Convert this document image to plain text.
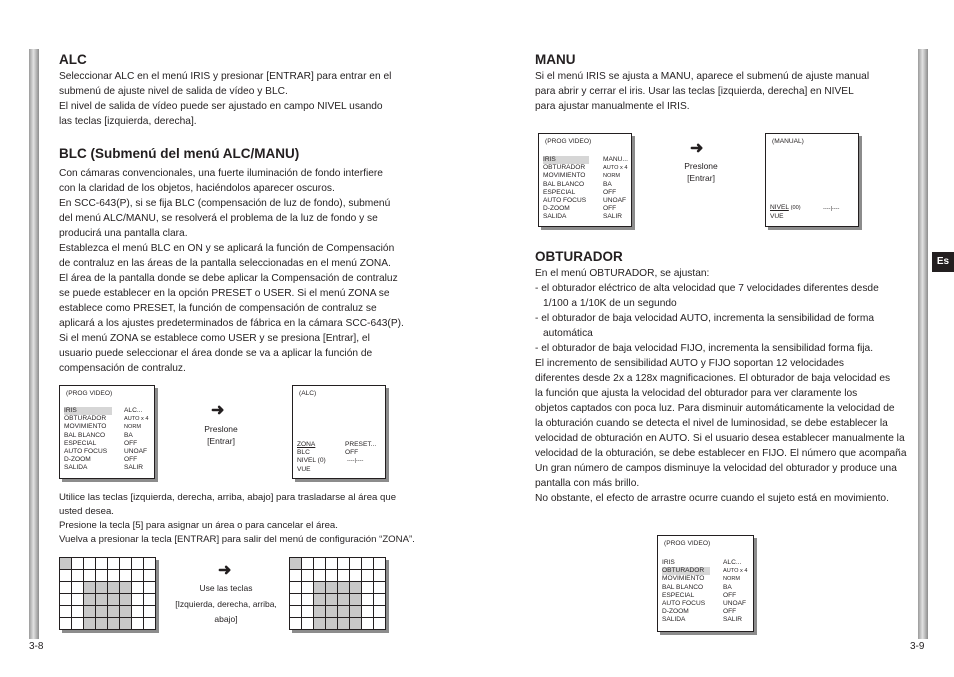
Es
ALC

Seleccionar ALC en el menú IRIS y presionar [ENTRAR] para entrar en el
submenú de ajuste nivel de salida de vídeo y BLC.
El nivel de salida de vídeo puede ser ajustado en campo NIVEL usando
las teclas [izquierda, derecha].

BLC (Submenú del menú ALC/MANU)

Con cámaras convencionales, una fuerte iluminación de fondo interfiere
con la claridad de los objetos, haciéndolos aparecer oscuros.
En SCC-643(P), si se fija BLC (compensación de luz de fondo), submenú
del menú ALC/MANU, se resolverá el problema de la luz de fondo y se
producirá una pantalla clara.
Establezca el menú BLC en ON y se aplicará la función de Compensación
de contraluz en las áreas de la pantalla seleccionadas en el menú ZONA.
El área de la pantalla donde se debe aplicar la Compensación de contraluz
se puede establecer en la opción PRESET o USER. Si el menú ZONA se
establece como PRESET, la función de compensación de contraluz se
aplicará a los ajustes predeterminados de fábrica en la cámara SCC-643(P).
Si el menú ZONA se establece como USER y se presiona [Entrar], el
usuario puede seleccionar el área donde se va a aplicar la función de
compensación de contraluz.

(PROG VIDEO)
IRIS
OBTURADOR
MOVIMIENTO
BAL BLANCO
ESPECIAL
AUTO FOCUS
D-ZOOM
SALIDA
ALC...
AUTO x 4
NORM
BA
OFF
UNOAF
OFF
SALIR
➜
Preslone
[Entrar]
(ALC)
ZONA
BLC
NIVEL (0)
VUE
PRESET...
OFF
----|----

Utilice las teclas [izquierda, derecha, arriba, abajo] para trasladarse al área que
usted desea.
Presione la tecla [5] para asignar un área o para cancelar el área.
Vuelva a presionar la tecla [ENTRAR] para salir del menú de configuración “ZONA”.

➜
Use las teclas
[Izquierda, derecha, arriba,
abajo]
3-8
MANU

Si el menú IRIS se ajusta a MANU, aparece el submenú de ajuste manual
para abrir y cerrar el iris. Usar las teclas [izquierda, derecha] en NIVEL
para ajustar manualmente el IRIS.

(PROG VIDEO)
IRIS
OBTURADOR
MOVIMIENTO
BAL BLANCO
ESPECIAL
AUTO FOCUS
D-ZOOM
SALIDA
MANU...
AUTO x 4
NORM
BA
OFF
UNOAF
OFF
SALIR
➜
Preslone
[Entrar]
(MANUAL)
NIVEL (00)	----|----
VUE
OBTURADOR

En el menú OBTURADOR, se ajustan:
- el obturador eléctrico de alta velocidad que 7 velocidades diferentes desde
1/100 a 1/10K de un segundo
- el obturador de baja velocidad AUTO, incrementa la sensibilidad de forma
automática
- el obturador de baja velocidad FIJO, incrementa la sensibilidad forma fija.
El incremento de sensibilidad AUTO y FIJO soportan 12 velocidades
diferentes desde 2x a 128x magnificaciones. El obturador de baja velocidad es
la función que ajusta la velocidad del obturador para ver claramente los
objetos captados con poca luz. Para disminuir automáticamente la velocidad de
la obturación cuando se detecta el nivel de luminosidad, se debe establecer la
velocidad de obturación en AUTO. Si el usuario desea establecer manualmente la
velocidad de la obturación, se debe establecer en FIJO. El número que acompaña
Un gran número de campos disminuye la velocidad del obturador y produce una
pantalla con más brillo.
No obstante, el efecto de arrastre ocurre cuando el sujeto está en movimiento.

(PROG VIDEO)
IRIS
OBTURADOR
MOVIMIENTO
BAL BLANCO
ESPECIAL
AUTO FOCUS
D-ZOOM
SALIDA
ALC...
AUTO x 4
NORM
BA
OFF
UNOAF
OFF
SALIR
3-9
